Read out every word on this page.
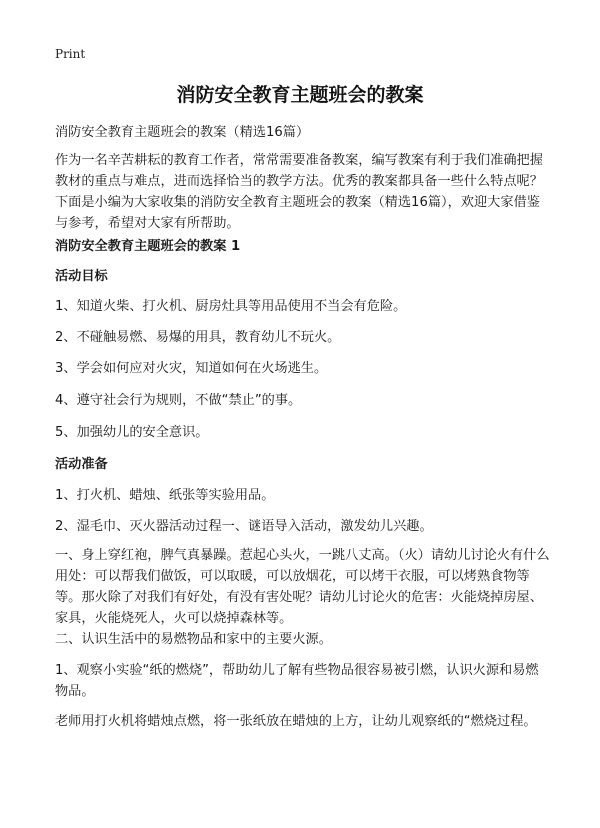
Print
消防安全教育主题班会的教案

消防安全教育主题班会的教案（精选16篇）

作为一名辛苦耕耘的教育工作者，常常需要准备教案，编写教案有利于我们准确把握教材的重点与难点，进而选择恰当的教学方法。优秀的教案都具备一些什么特点呢？下面是小编为大家收集的消防安全教育主题班会的教案（精选16篇），欢迎大家借鉴与参考，希望对大家有所帮助。

消防安全教育主题班会的教案 1

活动目标

1、知道火柴、打火机、厨房灶具等用品使用不当会有危险。

2、不碰触易燃、易爆的用具，教育幼儿不玩火。

3、学会如何应对火灾，知道如何在火场逃生。

4、遵守社会行为规则，不做“禁止”的事。

5、加强幼儿的安全意识。

活动准备

1、打火机、蜡烛、纸张等实验用品。

2、湿毛巾、灭火器活动过程一、谜语导入活动，激发幼儿兴趣。

一、身上穿红袍，脾气真暴躁。惹起心头火，一跳八丈高。（火）请幼儿讨论火有什么用处：可以帮我们做饭，可以取暖，可以放烟花，可以烤干衣服，可以烤熟食物等等。那火除了对我们有好处，有没有害处呢？请幼儿讨论火的危害：火能烧掉房屋、家具，火能烧死人，火可以烧掉森林等。

二、认识生活中的易燃物品和家中的主要火源。

1、观察小实验“纸的燃烧”，帮助幼儿了解有些物品很容易被引燃，认识火源和易燃物品。

老师用打火机将蜡烛点燃，将一张纸放在蜡烛的上方，让幼儿观察纸的“燃烧过程。
